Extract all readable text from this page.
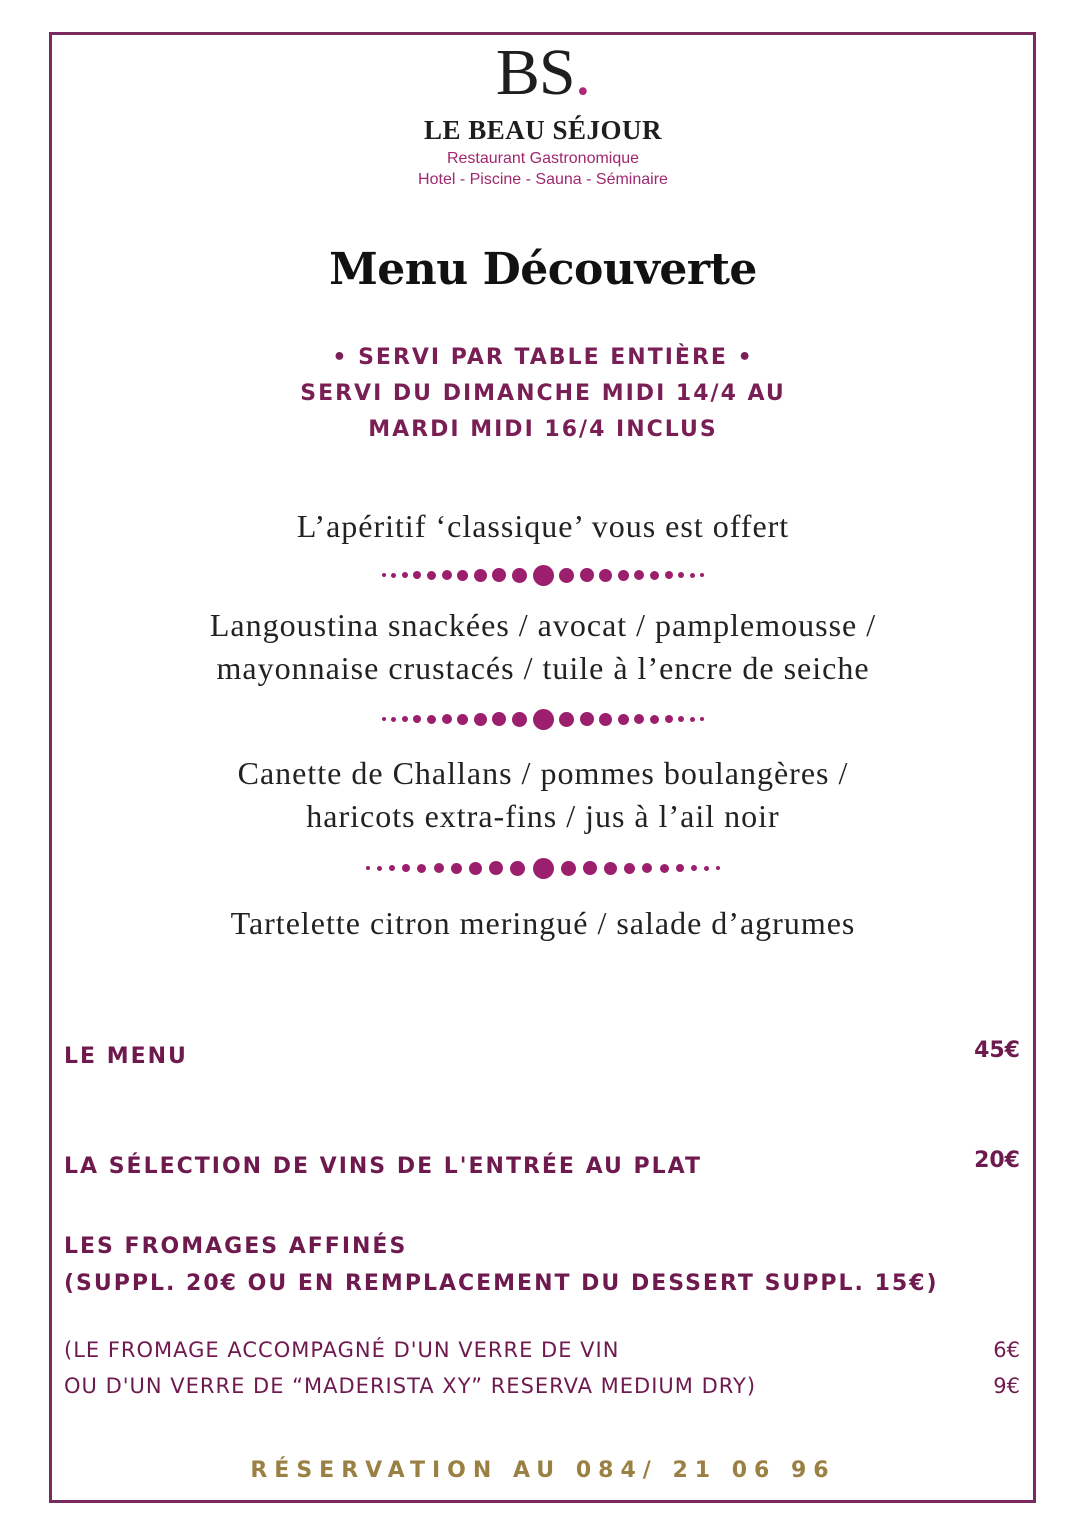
BS.
LE BEAU SÉJOUR
Restaurant Gastronomique
Hotel - Piscine - Sauna - Séminaire
Menu Découverte
• SERVI PAR TABLE ENTIÈRE •
SERVI DU DIMANCHE MIDI 14/4 AU
MARDI MIDI 16/4 INCLUS
L’apéritif ‘classique’ vous est offert
Langoustina snackées / avocat / pamplemousse /
mayonnaise crustacés / tuile à l’encre de seiche
Canette de Challans / pommes boulangères /
haricots extra-fins / jus à l’ail noir
Tartelette citron meringué / salade d’agrumes
LE MENU	45€
LA SÉLECTION DE VINS DE L'ENTRÉE AU PLAT	20€
LES FROMAGES AFFINÉS
(SUPPL. 20€ OU EN REMPLACEMENT DU DESSERT SUPPL. 15€)
(LE FROMAGE ACCOMPAGNÉ D'UN VERRE DE VIN	6€
OU D'UN VERRE DE “MADERISTA XY” RESERVA MEDIUM DRY)	9€
RÉSERVATION AU 084/ 21 06 96
